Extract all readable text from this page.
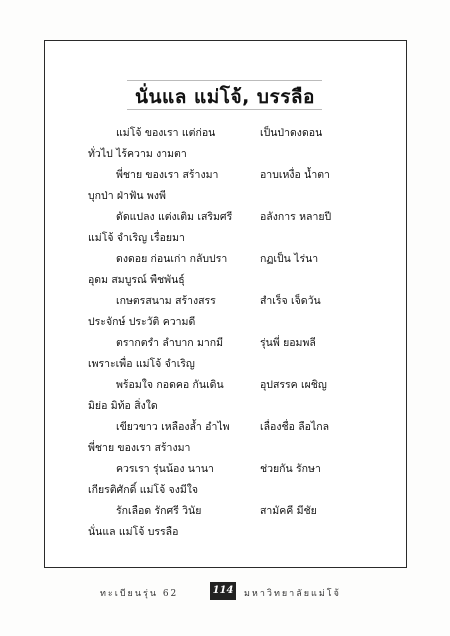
นั่นแล แม่โจ้, บรรลือ
แม่โจ้ ของเรา แต่ก่อน	เป็นป่าดงดอน
ทั่วไป ไร้ความ งามตา
พี่ชาย ของเรา สร้างมา	อาบเหงื่อ น้ำตา
บุกป่า ฝ่าฟัน พงพี
ดัดแปลง แต่งเติม เสริมศรี	อลังการ หลายปี
แม่โจ้ จำเริญ เรื่อยมา
ดงดอย ก่อนเก่า กลับปรา	กฏเป็น ไร่นา
อุดม สมบูรณ์ พืชพันธุ์
เกษตรสนาม สร้างสรร	สำเร็จ เจ็ดวัน
ประจักษ์ ประวัติ ความดี
ตรากตรำ ลำบาก มากมี	รุ่นพี่ ยอมพลี
เพราะเพื่อ แม่โจ้ จำเริญ
พร้อมใจ กอดคอ กันเดิน	อุปสรรค เผชิญ
มิย่อ มิท้อ สิ่งใด
เขียวขาว เหลืองล้ำ อำไพ	เลื่องชื่อ ลือไกล
พี่ชาย ของเรา สร้างมา
ควรเรา รุ่นน้อง นานา	ช่วยกัน รักษา
เกียรติศักดิ์ แม่โจ้ จงมีใจ
รักเลือด รักศรี วินัย	สามัคคี มีชัย
นั่นแล แม่โจ้ บรรลือ
ทะเบียนรุ่น 62	114 มหาวิทยาลัยแม่โจ้
